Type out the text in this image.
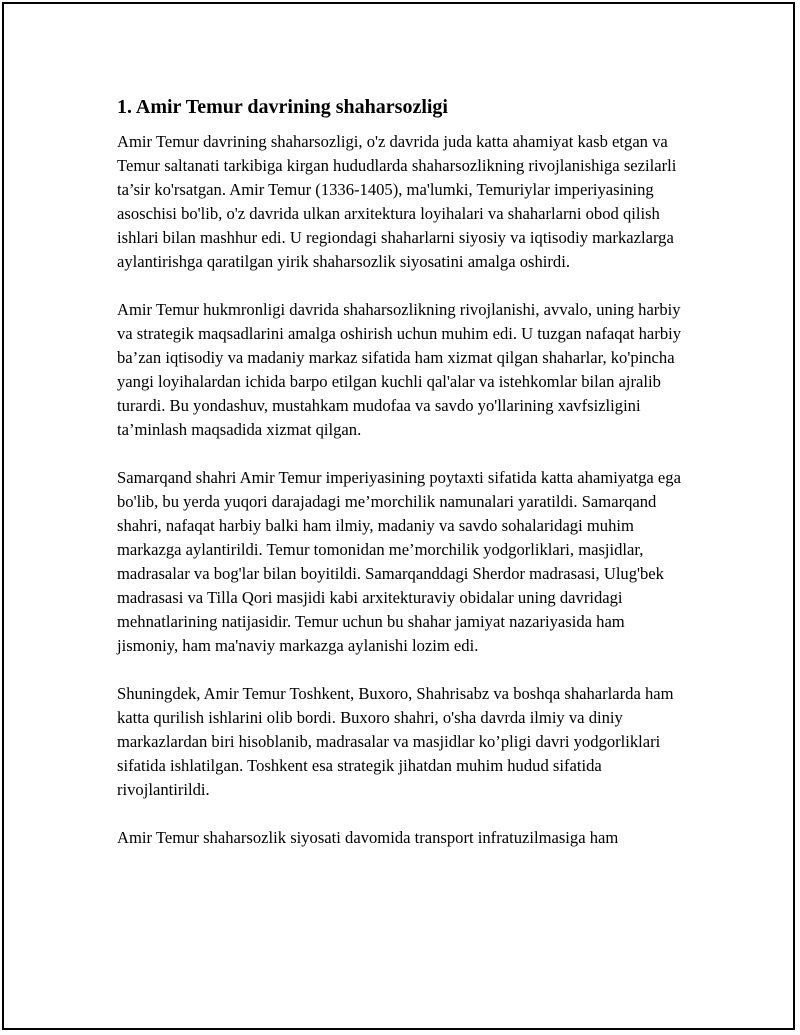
1. Amir Temur davrining shaharsozligi

Amir Temur davrining shaharsozligi, o'z davrida juda katta ahamiyat kasb etgan va Temur saltanati tarkibiga kirgan hududlarda shaharsozlikning rivojlanishiga sezilarli ta’sir ko'rsatgan. Amir Temur (1336-1405), ma'lumki, Temuriylar imperiyasining asoschisi bo'lib, o'z davrida ulkan arxitektura loyihalari va shaharlarni obod qilish ishlari bilan mashhur edi. U regiondagi shaharlarni siyosiy va iqtisodiy markazlarga aylantirishga qaratilgan yirik shaharsozlik siyosatini amalga oshirdi.

Amir Temur hukmronligi davrida shaharsozlikning rivojlanishi, avvalo, uning harbiy va strategik maqsadlarini amalga oshirish uchun muhim edi. U tuzgan nafaqat harbiy ba’zan iqtisodiy va madaniy markaz sifatida ham xizmat qilgan shaharlar, ko'pincha yangi loyihalardan ichida barpo etilgan kuchli qal'alar va istehkomlar bilan ajralib turardi. Bu yondashuv, mustahkam mudofaa va savdo yo'llarining xavfsizligini ta’minlash maqsadida xizmat qilgan.

Samarqand shahri Amir Temur imperiyasining poytaxti sifatida katta ahamiyatga ega bo'lib, bu yerda yuqori darajadagi me’morchilik namunalari yaratildi. Samarqand shahri, nafaqat harbiy balki ham ilmiy, madaniy va savdo sohalaridagi muhim markazga aylantirildi. Temur tomonidan me’morchilik yodgorliklari, masjidlar, madrasalar va bog'lar bilan boyitildi. Samarqanddagi Sherdor madrasasi, Ulug'bek madrasasi va Tilla Qori masjidi kabi arxitekturaviy obidalar uning davridagi mehnatlarining natijasidir. Temur uchun bu shahar jamiyat nazariyasida ham jismoniy, ham ma'naviy markazga aylanishi lozim edi.

Shuningdek, Amir Temur Toshkent, Buxoro, Shahrisabz va boshqa shaharlarda ham katta qurilish ishlarini olib bordi. Buxoro shahri, o'sha davrda ilmiy va diniy markazlardan biri hisoblanib, madrasalar va masjidlar ko’pligi davri yodgorliklari sifatida ishlatilgan. Toshkent esa strategik jihatdan muhim hudud sifatida rivojlantirildi.

Amir Temur shaharsozlik siyosati davomida transport infratuzilmasiga ham
